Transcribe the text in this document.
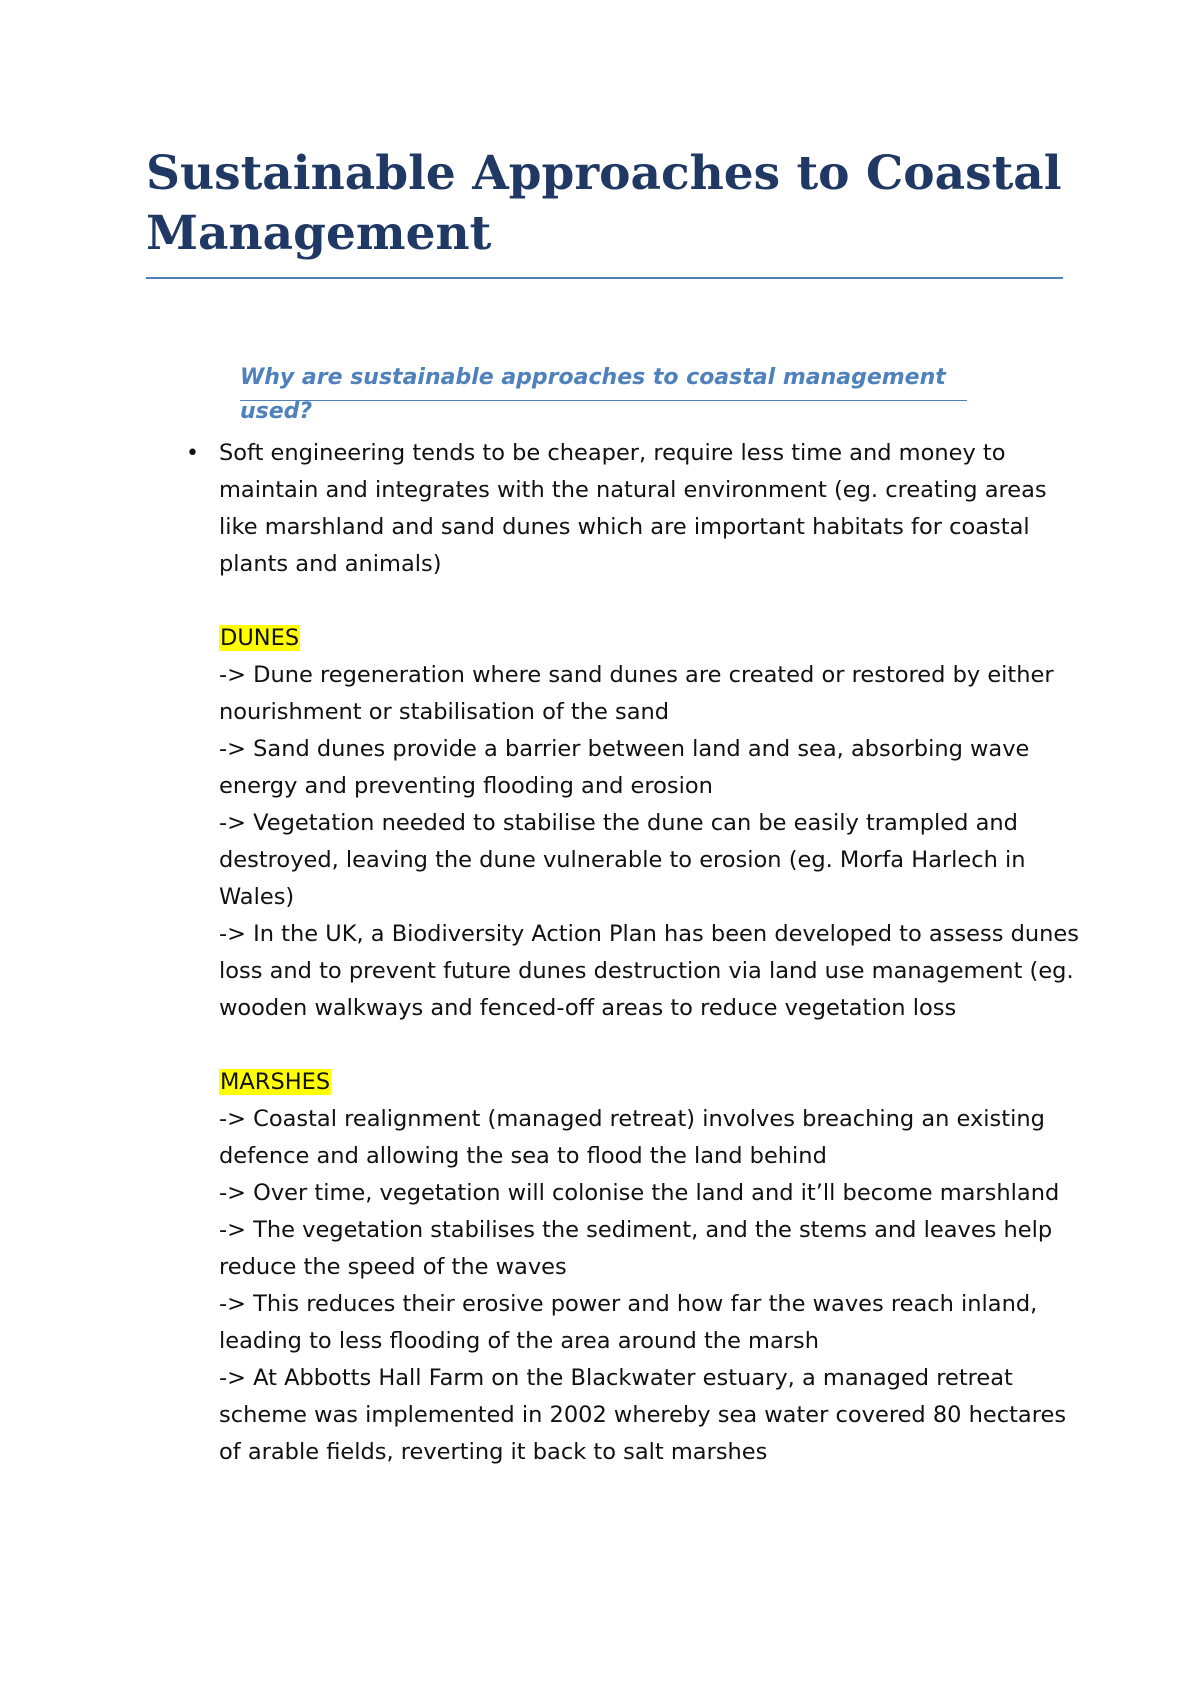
Sustainable Approaches to Coastal Management
Why are sustainable approaches to coastal management used?

• Soft engineering tends to be cheaper, require less time and money to maintain and integrates with the natural environment (eg. creating areas like marshland and sand dunes which are important habitats for coastal plants and animals)

DUNES

-> Dune regeneration where sand dunes are created or restored by either nourishment or stabilisation of the sand

-> Sand dunes provide a barrier between land and sea, absorbing wave energy and preventing flooding and erosion

-> Vegetation needed to stabilise the dune can be easily trampled and destroyed, leaving the dune vulnerable to erosion (eg. Morfa Harlech in Wales)

-> In the UK, a Biodiversity Action Plan has been developed to assess dunes loss and to prevent future dunes destruction via land use management (eg. wooden walkways and fenced-off areas to reduce vegetation loss

MARSHES

-> Coastal realignment (managed retreat) involves breaching an existing defence and allowing the sea to flood the land behind

-> Over time, vegetation will colonise the land and it’ll become marshland

-> The vegetation stabilises the sediment, and the stems and leaves help reduce the speed of the waves

-> This reduces their erosive power and how far the waves reach inland, leading to less flooding of the area around the marsh

-> At Abbotts Hall Farm on the Blackwater estuary, a managed retreat scheme was implemented in 2002 whereby sea water covered 80 hectares of arable fields, reverting it back to salt marshes
